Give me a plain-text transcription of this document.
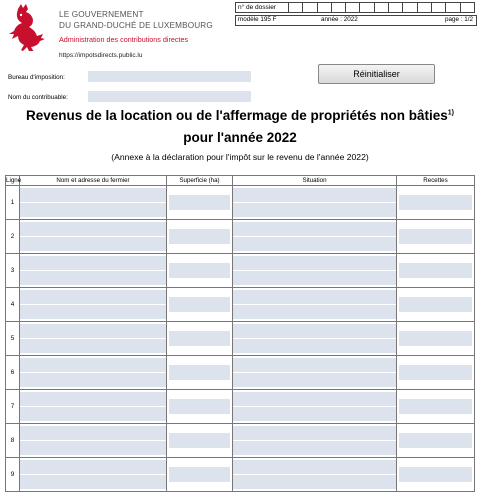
LE GOUVERNEMENT
DU GRAND-DUCHÉ DE LUXEMBOURG
Administration des contributions directes
https://impotsdirects.public.lu
n° de dossier													
modèle 195 F	année : 2022	page : 1/2
Bureau d'imposition:
Nom du contribuable:
Réinitialiser
Revenus de la location ou de l'affermage de propriétés non bâties$^{1)}$
pour l'année 2022
(Annexe à la déclaration pour l'impôt sur le revenu de l'année 2022)
Ligne	Nom et adresse du fermier	Superficie (ha)	Situation	Recettes
1	

2	

3	

4	

5	

6	

7	

8	

9	
